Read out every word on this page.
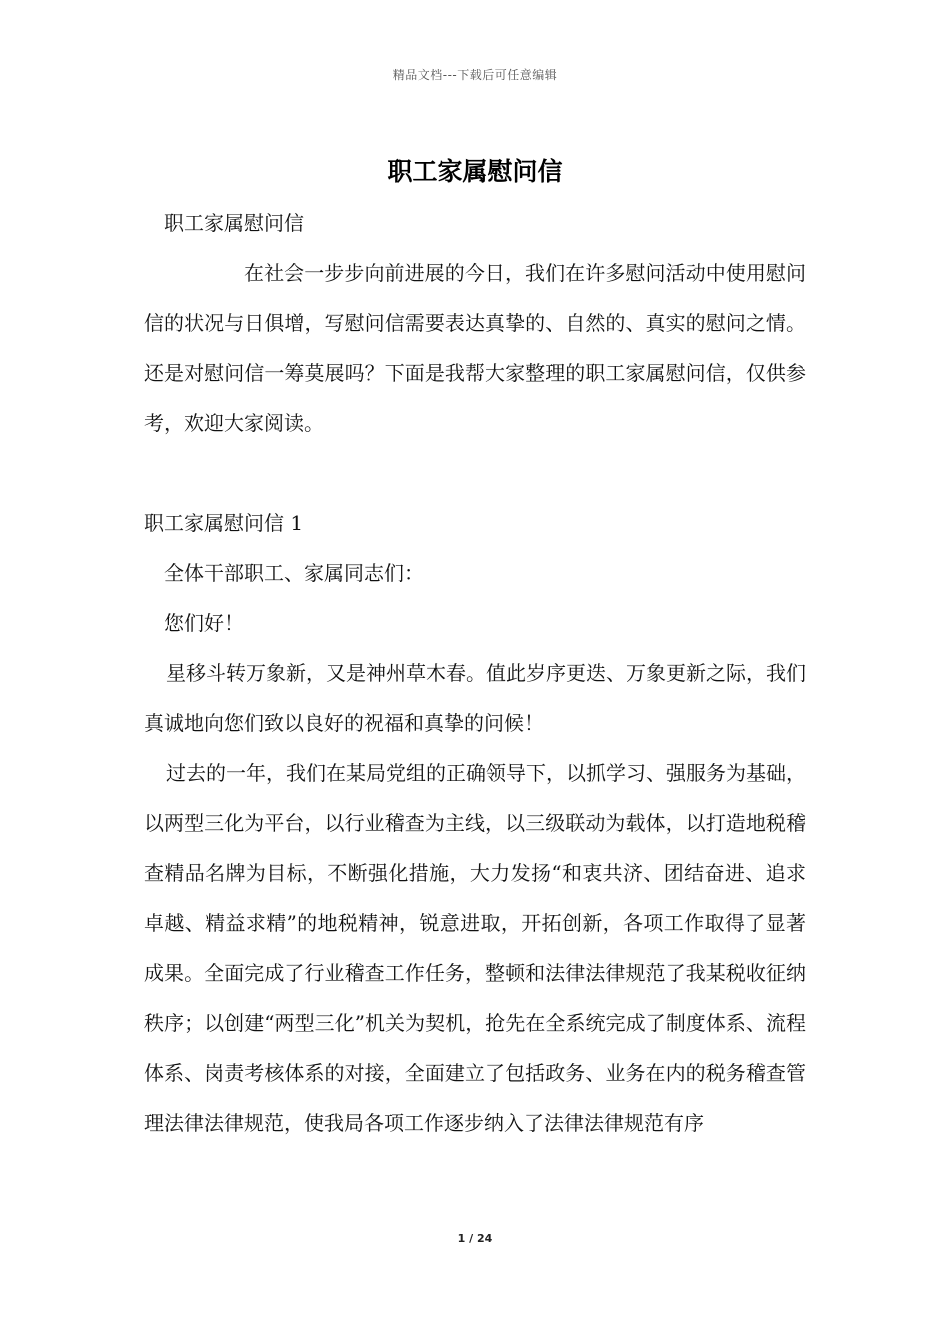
精品文档---下载后可任意编辑
职工家属慰问信

职工家属慰问信

在社会一步步向前进展的今日，我们在许多慰问活动中使用慰问信的状况与日俱增，写慰问信需要表达真挚的、自然的、真实的慰问之情。还是对慰问信一筹莫展吗？下面是我帮大家整理的职工家属慰问信，仅供参考，欢迎大家阅读。

职工家属慰问信 1

全体干部职工、家属同志们：

您们好！

星移斗转万象新，又是神州草木春。值此岁序更迭、万象更新之际，我们真诚地向您们致以良好的祝福和真挚的问候！

过去的一年，我们在某局党组的正确领导下，以抓学习、强服务为基础，以两型三化为平台，以行业稽查为主线，以三级联动为载体，以打造地税稽查精品名牌为目标，不断强化措施，大力发扬“和衷共济、团结奋进、追求卓越、精益求精”的地税精神，锐意进取，开拓创新，各项工作取得了显著成果。全面完成了行业稽查工作任务，整顿和法律法律规范了我某税收征纳秩序；以创建“两型三化”机关为契机，抢先在全系统完成了制度体系、流程体系、岗责考核体系的对接，全面建立了包括政务、业务在内的税务稽查管理法律法律规范，使我局各项工作逐步纳入了法律法律规范有序

1 / 24
